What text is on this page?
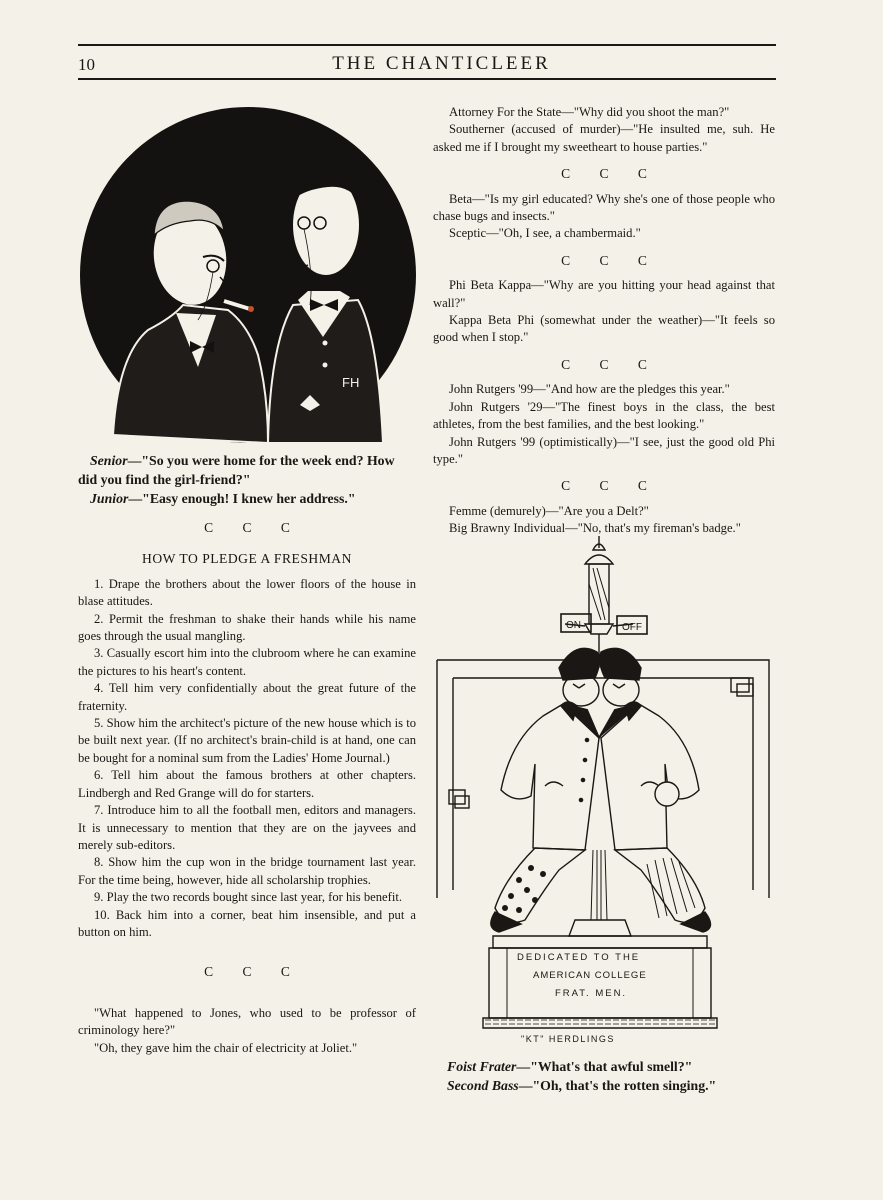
10	THE CHANTICLEER
FH
Senior—"So you were home for the week end? How did you find the girl-friend?"
Junior—"Easy enough! I knew her address."
C C C
HOW TO PLEDGE A FRESHMAN

1. Drape the brothers about the lower floors of the house in blase attitudes.

2. Permit the freshman to shake their hands while his name goes through the usual mangling.

3. Casually escort him into the clubroom where he can examine the pictures to his heart's content.

4. Tell him very confidentially about the great future of the fraternity.

5. Show him the architect's picture of the new house which is to be built next year. (If no architect's brain-child is at hand, one can be bought for a nominal sum from the Ladies' Home Journal.)

6. Tell him about the famous brothers at other chapters. Lindbergh and Red Grange will do for starters.

7. Introduce him to all the football men, editors and managers. It is unnecessary to mention that they are on the jayvees and merely sub-editors.

8. Show him the cup won in the bridge tournament last year. For the time being, however, hide all scholarship trophies.

9. Play the two records bought since last year, for his benefit.

10. Back him into a corner, beat him insensible, and put a button on him.

C C C

"What happened to Jones, who used to be professor of criminology here?"

"Oh, they gave him the chair of electricity at Joliet."

Attorney For the State—"Why did you shoot the man?"

Southerner (accused of murder)—"He insulted me, suh. He asked me if I brought my sweetheart to house parties."

C C C

Beta—"Is my girl educated? Why she's one of those people who chase bugs and insects."

Sceptic—"Oh, I see, a chambermaid."

C C C

Phi Beta Kappa—"Why are you hitting your head against that wall?"

Kappa Beta Phi (somewhat under the weather)—"It feels so good when I stop."

C C C

John Rutgers '99—"And how are the pledges this year."

John Rutgers '29—"The finest boys in the class, the best athletes, from the best families, and the best looking."

John Rutgers '99 (optimistically)—"I see, just the good old Phi type."

C C C

Femme (demurely)—"Are you a Delt?"

Big Brawny Individual—"No, that's my fireman's badge."

ON	OFF
DEDICATED TO THE
AMERICAN COLLEGE
FRAT. MEN.
"KT" HERDLINGS
Foist Frater—"What's that awful smell?"
Second Bass—"Oh, that's the rotten singing."
